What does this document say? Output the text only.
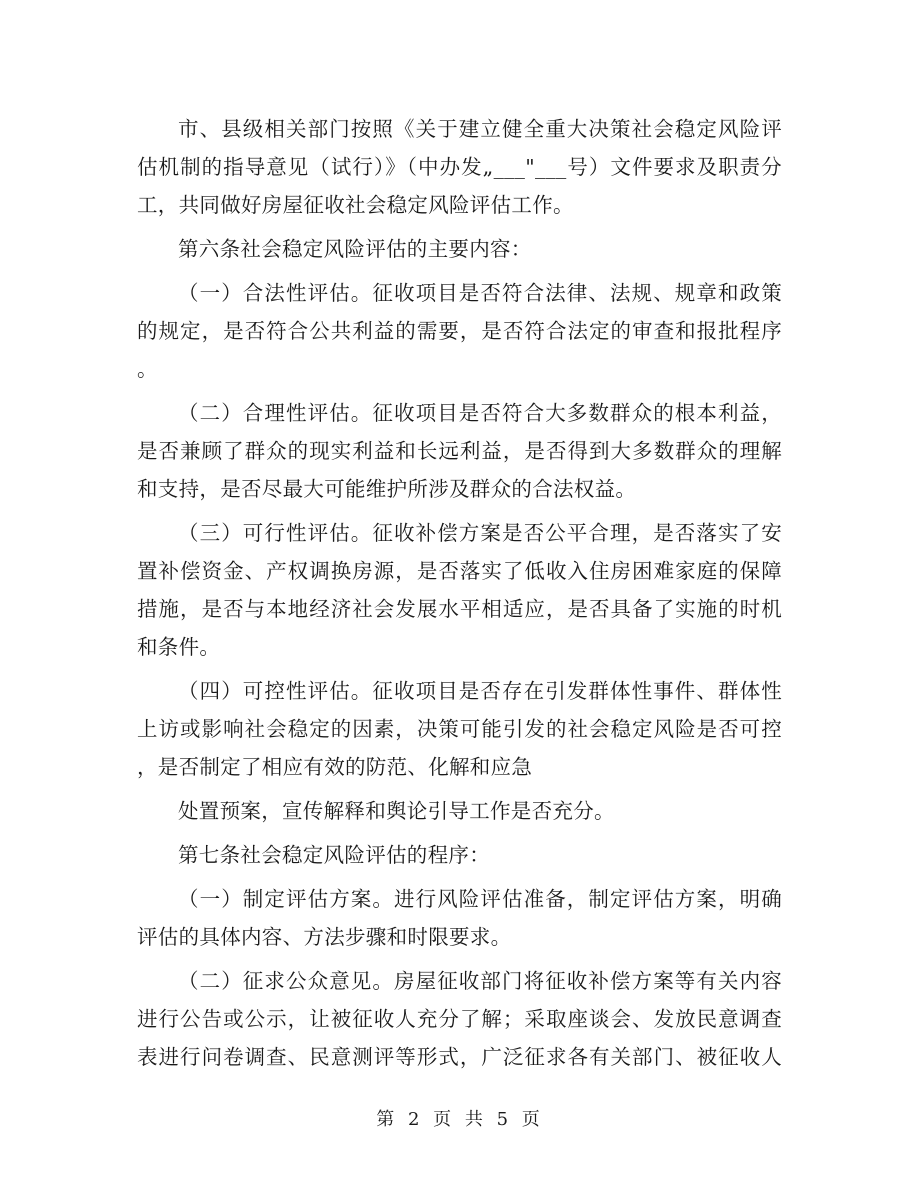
市、县级相关部门按照《关于建立健全重大决策社会稳定风险评
估机制的指导意见（试行）》（中办发„___"___号）文件要求及职责分
工，共同做好房屋征收社会稳定风险评估工作。
第六条社会稳定风险评估的主要内容：
（一）合法性评估。征收项目是否符合法律、法规、规章和政策
的规定，是否符合公共利益的需要，是否符合法定的审查和报批程序
。
（二）合理性评估。征收项目是否符合大多数群众的根本利益，
是否兼顾了群众的现实利益和长远利益，是否得到大多数群众的理解
和支持，是否尽最大可能维护所涉及群众的合法权益。
（三）可行性评估。征收补偿方案是否公平合理，是否落实了安
置补偿资金、产权调换房源，是否落实了低收入住房困难家庭的保障
措施，是否与本地经济社会发展水平相适应，是否具备了实施的时机
和条件。
（四）可控性评估。征收项目是否存在引发群体性事件、群体性
上访或影响社会稳定的因素，决策可能引发的社会稳定风险是否可控
，是否制定了相应有效的防范、化解和应急
处置预案，宣传解释和舆论引导工作是否充分。
第七条社会稳定风险评估的程序：
（一）制定评估方案。进行风险评估准备，制定评估方案，明确
评估的具体内容、方法步骤和时限要求。
（二）征求公众意见。房屋征收部门将征收补偿方案等有关内容
进行公告或公示，让被征收人充分了解；采取座谈会、发放民意调查
表进行问卷调查、民意测评等形式，广泛征求各有关部门、被征收人
第 2 页 共 5 页
